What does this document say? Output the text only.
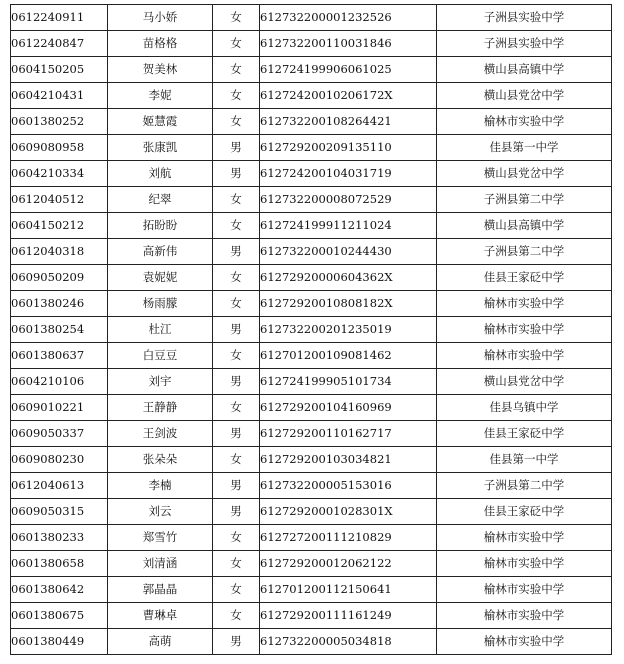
0612240911	马小娇	女	612732200001232526	子洲县实验中学
0612240847	苗格格	女	612732200110031846	子洲县实验中学
0604150205	贺美林	女	612724199906061025	横山县高镇中学
0604210431	李妮	女	61272420010206172X	横山县党岔中学
0601380252	姬慧霞	女	612732200108264421	榆林市实验中学
0609080958	张康凯	男	612729200209135110	佳县第一中学
0604210334	刘航	男	612724200104031719	横山县党岔中学
0612040512	纪翠	女	612732200008072529	子洲县第二中学
0604150212	拓盼盼	女	612724199911211024	横山县高镇中学
0612040318	高新伟	男	612732200010244430	子洲县第二中学
0609050209	袁妮妮	女	61272920000604362X	佳县王家砭中学
0601380246	杨雨朦	女	61272920010808182X	榆林市实验中学
0601380254	杜江	男	612732200201235019	榆林市实验中学
0601380637	白豆豆	女	612701200109081462	榆林市实验中学
0604210106	刘宇	男	612724199905101734	横山县党岔中学
0609010221	王静静	女	612729200104160969	佳县乌镇中学
0609050337	王剑波	男	612729200110162717	佳县王家砭中学
0609080230	张朵朵	女	612729200103034821	佳县第一中学
0612040613	李楠	男	612732200005153016	子洲县第二中学
0609050315	刘云	男	61272920001028301X	佳县王家砭中学
0601380233	郑雪竹	女	612727200111210829	榆林市实验中学
0601380658	刘清涵	女	612729200012062122	榆林市实验中学
0601380642	郭晶晶	女	612701200112150641	榆林市实验中学
0601380675	曹琳卓	女	612729200111161249	榆林市实验中学
0601380449	高萌	男	612732200005034818	榆林市实验中学
